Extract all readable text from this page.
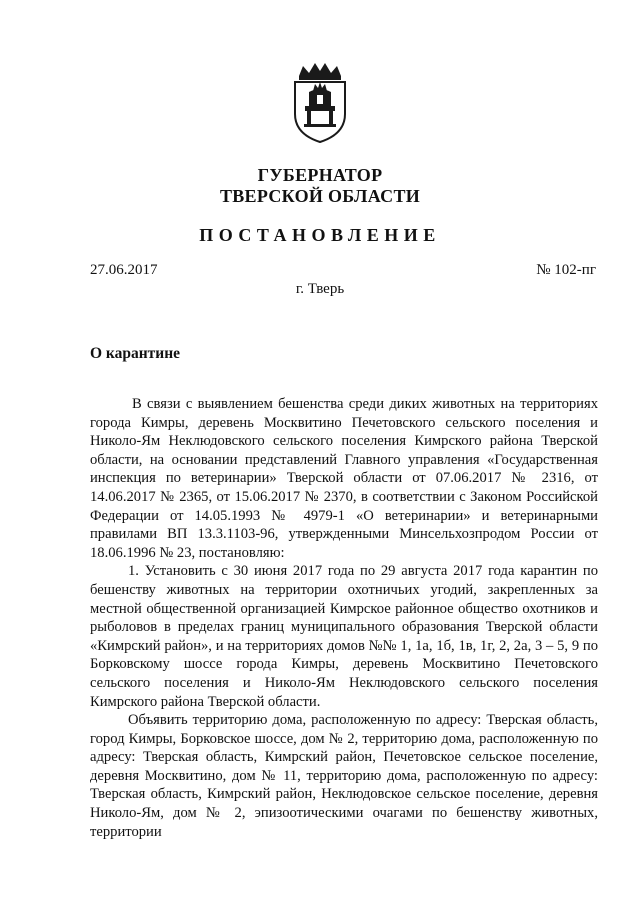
ГУБЕРНАТОР
ТВЕРСКОЙ ОБЛАСТИ
ПОСТАНОВЛЕНИЕ
27.06.2017	№ 102-пг
г. Тверь
О карантине

В связи с выявлением бешенства среди диких животных на территориях города Кимры, деревень Москвитино Печетовского сельского поселения и Николо-Ям Неклюдовского сельского поселения Кимрского района Тверской области, на основании представлений Главного управления «Государственная инспекция по ветеринарии» Тверской области от 07.06.2017 № 2316, от 14.06.2017 № 2365, от 15.06.2017 № 2370, в соответствии с Законом Российской Федерации от 14.05.1993 № 4979-1 «О ветеринарии» и ветеринарными правилами ВП 13.3.1103-96, утвержденными Минсельхозпродом России от 18.06.1996 № 23, постановляю:

1. Установить с 30 июня 2017 года по 29 августа 2017 года карантин по бешенству животных на территории охотничьих угодий, закрепленных за местной общественной организацией Кимрское районное общество охотников и рыболовов в пределах границ муниципального образования Тверской области «Кимрский район», и на территориях домов №№ 1, 1а, 1б, 1в, 1г, 2, 2а, 3 – 5, 9 по Борковскому шоссе города Кимры, деревень Москвитино Печетовского сельского поселения и Николо-Ям Неклюдовского сельского поселения Кимрского района Тверской области.

Объявить территорию дома, расположенную по адресу: Тверская область, город Кимры, Борковское шоссе, дом № 2, территорию дома, расположенную по адресу: Тверская область, Кимрский район, Печетовское сельское поселение, деревня Москвитино, дом № 11, территорию дома, расположенную по адресу: Тверская область, Кимрский район, Неклюдовское сельское поселение, деревня Николо-Ям, дом № 2, эпизоотическими очагами по бешенству животных, территории
